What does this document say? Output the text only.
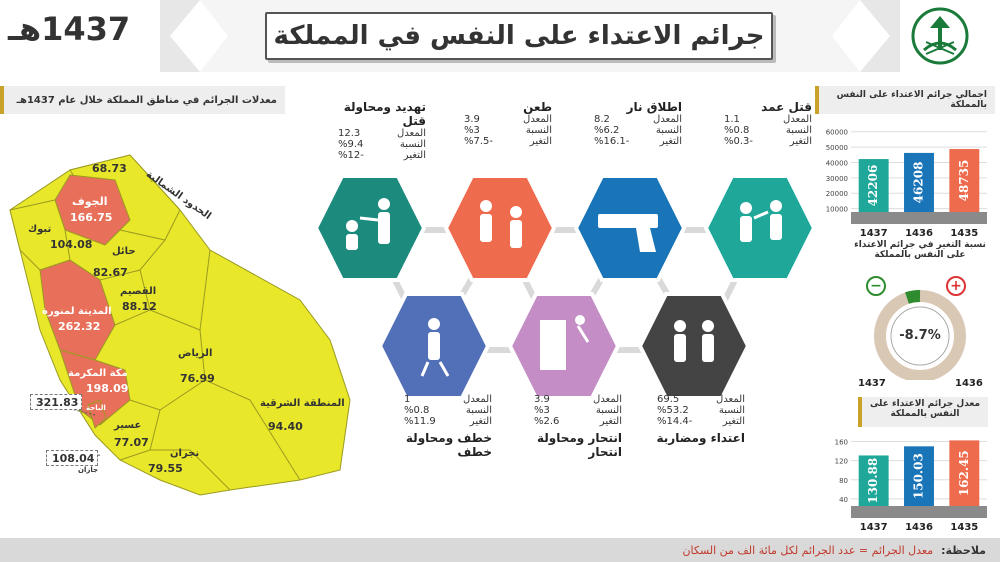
جرائم الاعتداء على النفس في المملكة
1437هـ
معدلات الجرائم في مناطق المملكة خلال عام 1437هـ
68.73
الحدود الشمالية
الجوف
166.75
تبوك
104.08
حائل
82.67
القصيم
88.12
المدينة لمنورة
262.32
الرياض
76.99
مكة المكرمة
198.09
المنطقة الشرقية
94.40
321.83 الباحة
عسير
77.07
108.04
جازان
نجران
79.55
قتل عمد
المعدل
1.1
النسبة
%0.8
التغير
%0.3-
اطلاق نار
المعدل
8.2
النسبة
%6.2
التغير
%16.1-
طعن
المعدل
3.9
النسبة
%3
التغير
%7.5-
تهديد ومحاولة قتل
المعدل
12.3
النسبة
%9.4
التغير
%12-
المعدل
69.5
النسبة
%53.2
التغير
%14.4-
اعتداء ومضاربة
المعدل
3.9
النسبة
%3
التغير
%2.6
انتحار ومحاولة انتحار
المعدل
1
النسبة
%0.8
التغير
%11.9
خطف ومحاولة خطف
اجمالي جرائم الاعتداء على النفس بالمملكة
60000
50000
40000
30000
20000
10000
42206
1437
46208
1436
48735
1435
نسبة التغير في جرائم الاعتداء على النفس بالمملكة
-8.7%
−	+
1437	1436
معدل جرائم الاعتداء على النفس بالمملكة
160
120
80
40 130.88
1437
150.03
1436
162.45
1435
ملاحظة:
معدل الجرائم = عدد الجرائم لكل مائة الف من السكان
